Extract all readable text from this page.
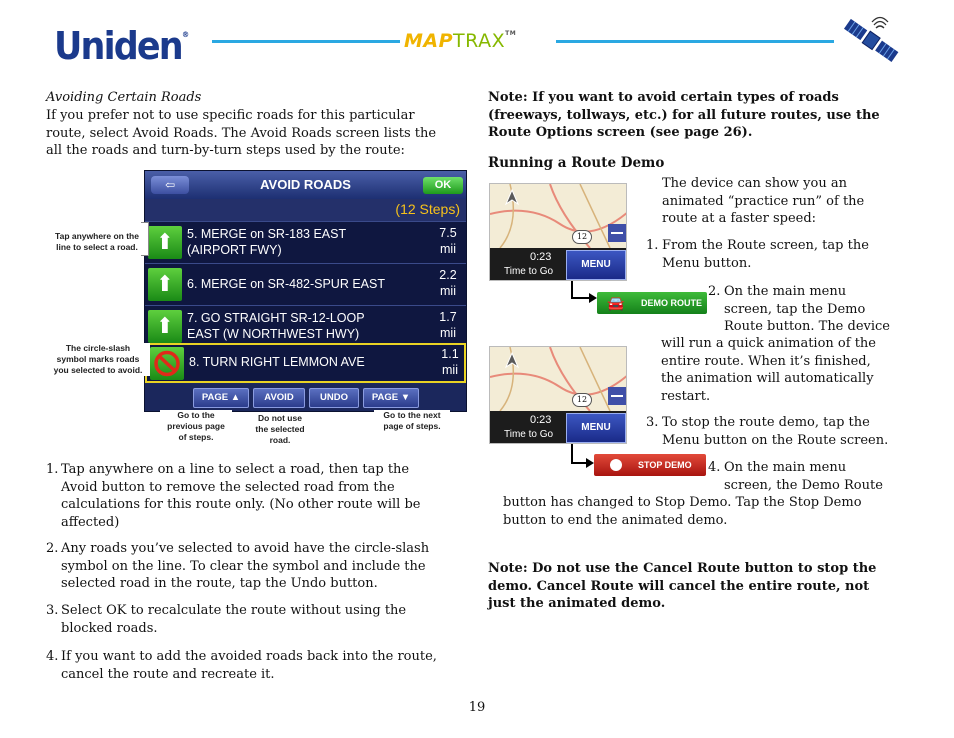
Uniden®	MAPTRAX™
Avoiding Certain Roads
If you prefer not to use specific roads for this particular
route, select Avoid Roads. The Avoid Roads screen lists the
all the roads and turn-by-turn steps used by the route:
⇦	AVOID ROADS	OK
(12 Steps)
⬆	5. MERGE on SR-183 EAST
(AIRPORT FWY)
7.5
mii
⬆	6. MERGE on SR-482-SPUR EAST
2.2
mii
⬆	7. GO STRAIGHT SR-12-LOOP
EAST (W NORTHWEST HWY)
1.7
mii
8. TURN RIGHT LEMMON AVE
1.1
mii
PAGE ▲	AVOID	UNDO	PAGE ▼
Tap anywhere on the
line to select a road.
The circle-slash
symbol marks roads
you selected to avoid.
Go to the
previous page
of steps.
Do not use
the selected
road.
Go to the next
page of steps.
1. Tap anywhere on a line to select a road, then tap the
Avoid button to remove the selected road from the
calculations for this route only. (No other route will be
affected)
2. Any roads you’ve selected to avoid have the circle-slash
symbol on the line. To clear the symbol and include the
selected road in the route, tap the Undo button.
3. Select OK to recalculate the route without using the
blocked roads.
4. If you want to add the avoided roads back into the route,
cancel the route and recreate it.
Note: If you want to avoid certain types of roads
(freeways, tollways, etc.) for all future routes, use the
Route Options screen (see page 26).
Running a Route Demo
12
0:23
Time to Go
MENU
The device can show you an
animated “practice run” of the
route at a faster speed:
1. From the Route screen, tap the
Menu button.
🚘 DEMO ROUTE
2. On the main menu
screen, tap the Demo
Route button. The device
will run a quick animation of the
entire route. When it’s finished,
the animation will automatically
restart.
12
0:23
Time to Go
MENU	3. To stop the route demo, tap the
Menu button on the Route screen.
STOP DEMO	4. On the main menu
screen, the Demo Route
button has changed to Stop Demo. Tap the Stop Demo
button to end the animated demo.
Note: Do not use the Cancel Route button to stop the
demo. Cancel Route will cancel the entire route, not
just the animated demo.
19
